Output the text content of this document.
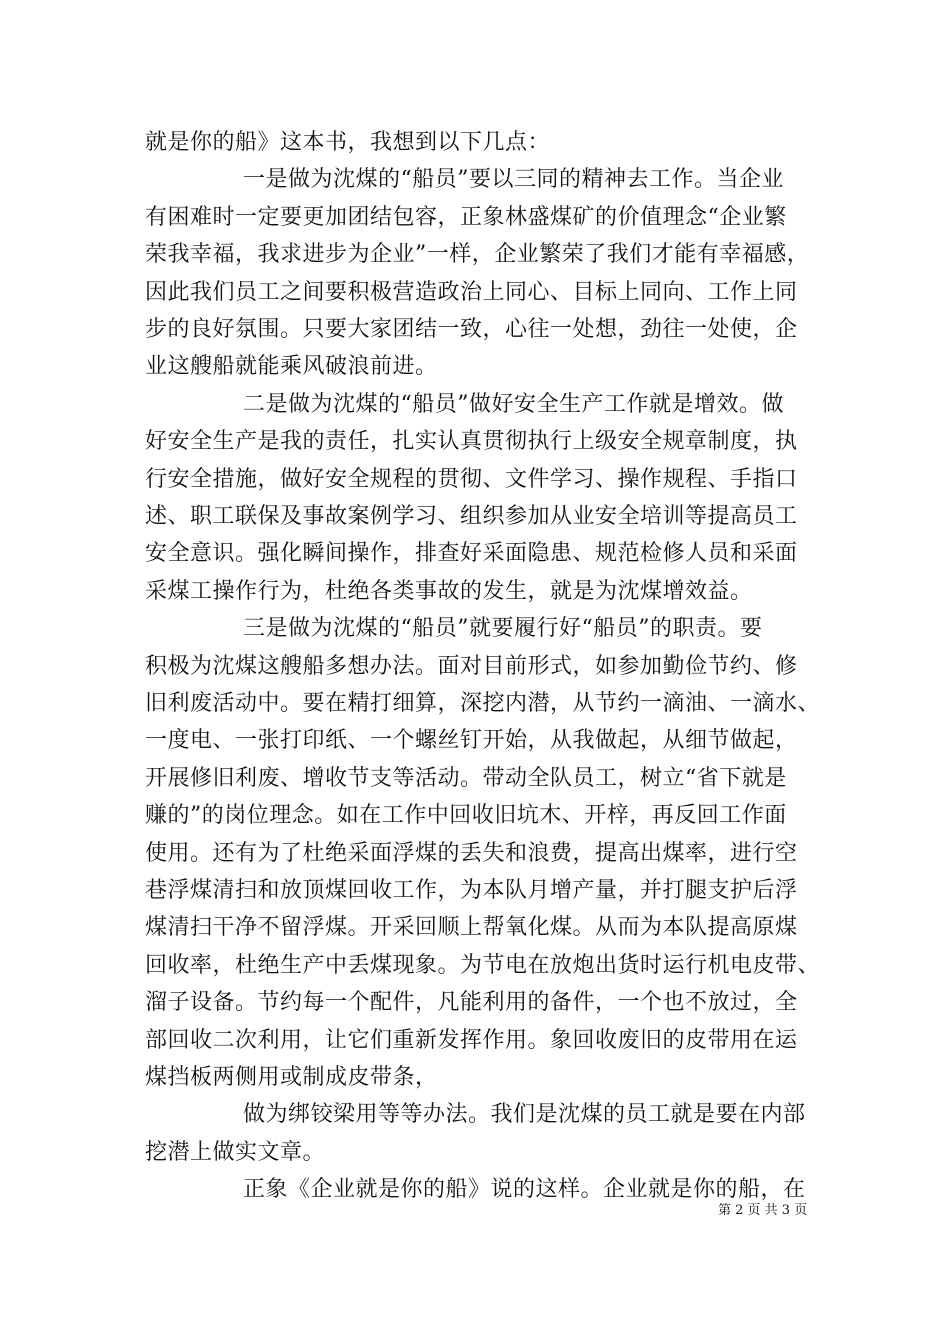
就是你的船》这本书，我想到以下几点：
一是做为沈煤的“船员”要以三同的精神去工作。当企业
有困难时一定要更加团结包容，正象林盛煤矿的价值理念“企业繁
荣我幸福，我求进步为企业”一样，企业繁荣了我们才能有幸福感，
因此我们员工之间要积极营造政治上同心、目标上同向、工作上同
步的良好氛围。只要大家团结一致，心往一处想，劲往一处使，企
业这艘船就能乘风破浪前进。
二是做为沈煤的“船员”做好安全生产工作就是增效。做
好安全生产是我的责任，扎实认真贯彻执行上级安全规章制度，执
行安全措施，做好安全规程的贯彻、文件学习、操作规程、手指口
述、职工联保及事故案例学习、组织参加从业安全培训等提高员工
安全意识。强化瞬间操作，排查好采面隐患、规范检修人员和采面
采煤工操作行为，杜绝各类事故的发生，就是为沈煤增效益。
三是做为沈煤的“船员”就要履行好“船员”的职责。要
积极为沈煤这艘船多想办法。面对目前形式，如参加勤俭节约、修
旧利废活动中。要在精打细算，深挖内潜，从节约一滴油、一滴水、
一度电、一张打印纸、一个螺丝钉开始，从我做起，从细节做起，
开展修旧利废、增收节支等活动。带动全队员工，树立“省下就是
赚的”的岗位理念。如在工作中回收旧坑木、开梓，再反回工作面
使用。还有为了杜绝采面浮煤的丢失和浪费，提高出煤率，进行空
巷浮煤清扫和放顶煤回收工作，为本队月增产量，并打腿支护后浮
煤清扫干净不留浮煤。开采回顺上帮氧化煤。从而为本队提高原煤
回收率，杜绝生产中丢煤现象。为节电在放炮出货时运行机电皮带、
溜子设备。节约每一个配件，凡能利用的备件，一个也不放过，全
部回收二次利用，让它们重新发挥作用。象回收废旧的皮带用在运
煤挡板两侧用或制成皮带条，
做为绑铰梁用等等办法。我们是沈煤的员工就是要在内部
挖潜上做实文章。
正象《企业就是你的船》说的这样。企业就是你的船，在
第 2 页 共 3 页
